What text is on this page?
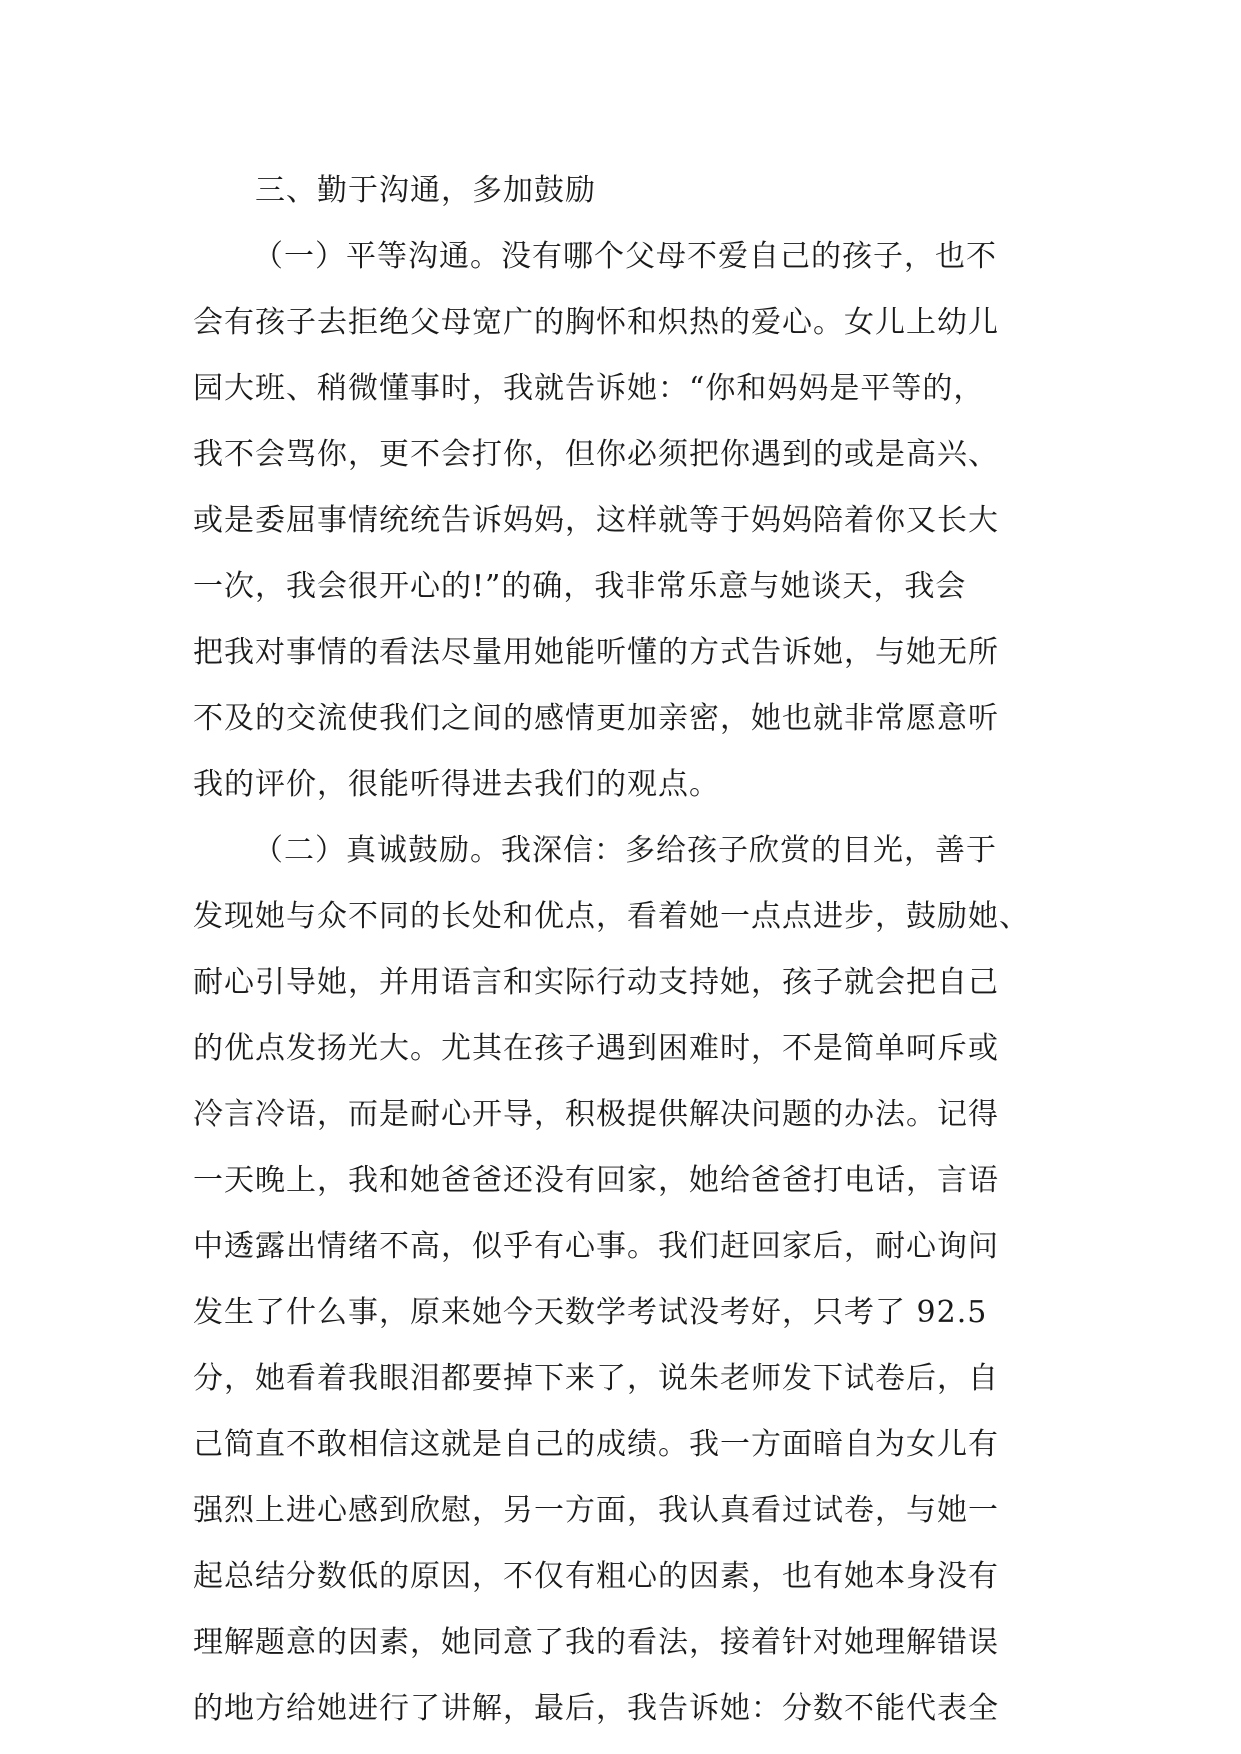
三、勤于沟通，多加鼓励
（一）平等沟通。没有哪个父母不爱自己的孩子，也不
会有孩子去拒绝父母宽广的胸怀和炽热的爱心。女儿上幼儿
园大班、稍微懂事时，我就告诉她：“你和妈妈是平等的，
我不会骂你，更不会打你，但你必须把你遇到的或是高兴、
或是委屈事情统统告诉妈妈，这样就等于妈妈陪着你又长大
一次，我会很开心的!”的确，我非常乐意与她谈天，我会
把我对事情的看法尽量用她能听懂的方式告诉她，与她无所
不及的交流使我们之间的感情更加亲密，她也就非常愿意听
我的评价，很能听得进去我们的观点。
（二）真诚鼓励。我深信：多给孩子欣赏的目光，善于
发现她与众不同的长处和优点，看着她一点点进步，鼓励她、
耐心引导她，并用语言和实际行动支持她，孩子就会把自己
的优点发扬光大。尤其在孩子遇到困难时，不是简单呵斥或
冷言冷语，而是耐心开导，积极提供解决问题的办法。记得
一天晚上，我和她爸爸还没有回家，她给爸爸打电话，言语
中透露出情绪不高，似乎有心事。我们赶回家后，耐心询问
发生了什么事，原来她今天数学考试没考好，只考了 92.5
分，她看着我眼泪都要掉下来了，说朱老师发下试卷后，自
己简直不敢相信这就是自己的成绩。我一方面暗自为女儿有
强烈上进心感到欣慰，另一方面，我认真看过试卷，与她一
起总结分数低的原因，不仅有粗心的因素，也有她本身没有
理解题意的因素，她同意了我的看法，接着针对她理解错误
的地方给她进行了讲解，最后，我告诉她：分数不能代表全
